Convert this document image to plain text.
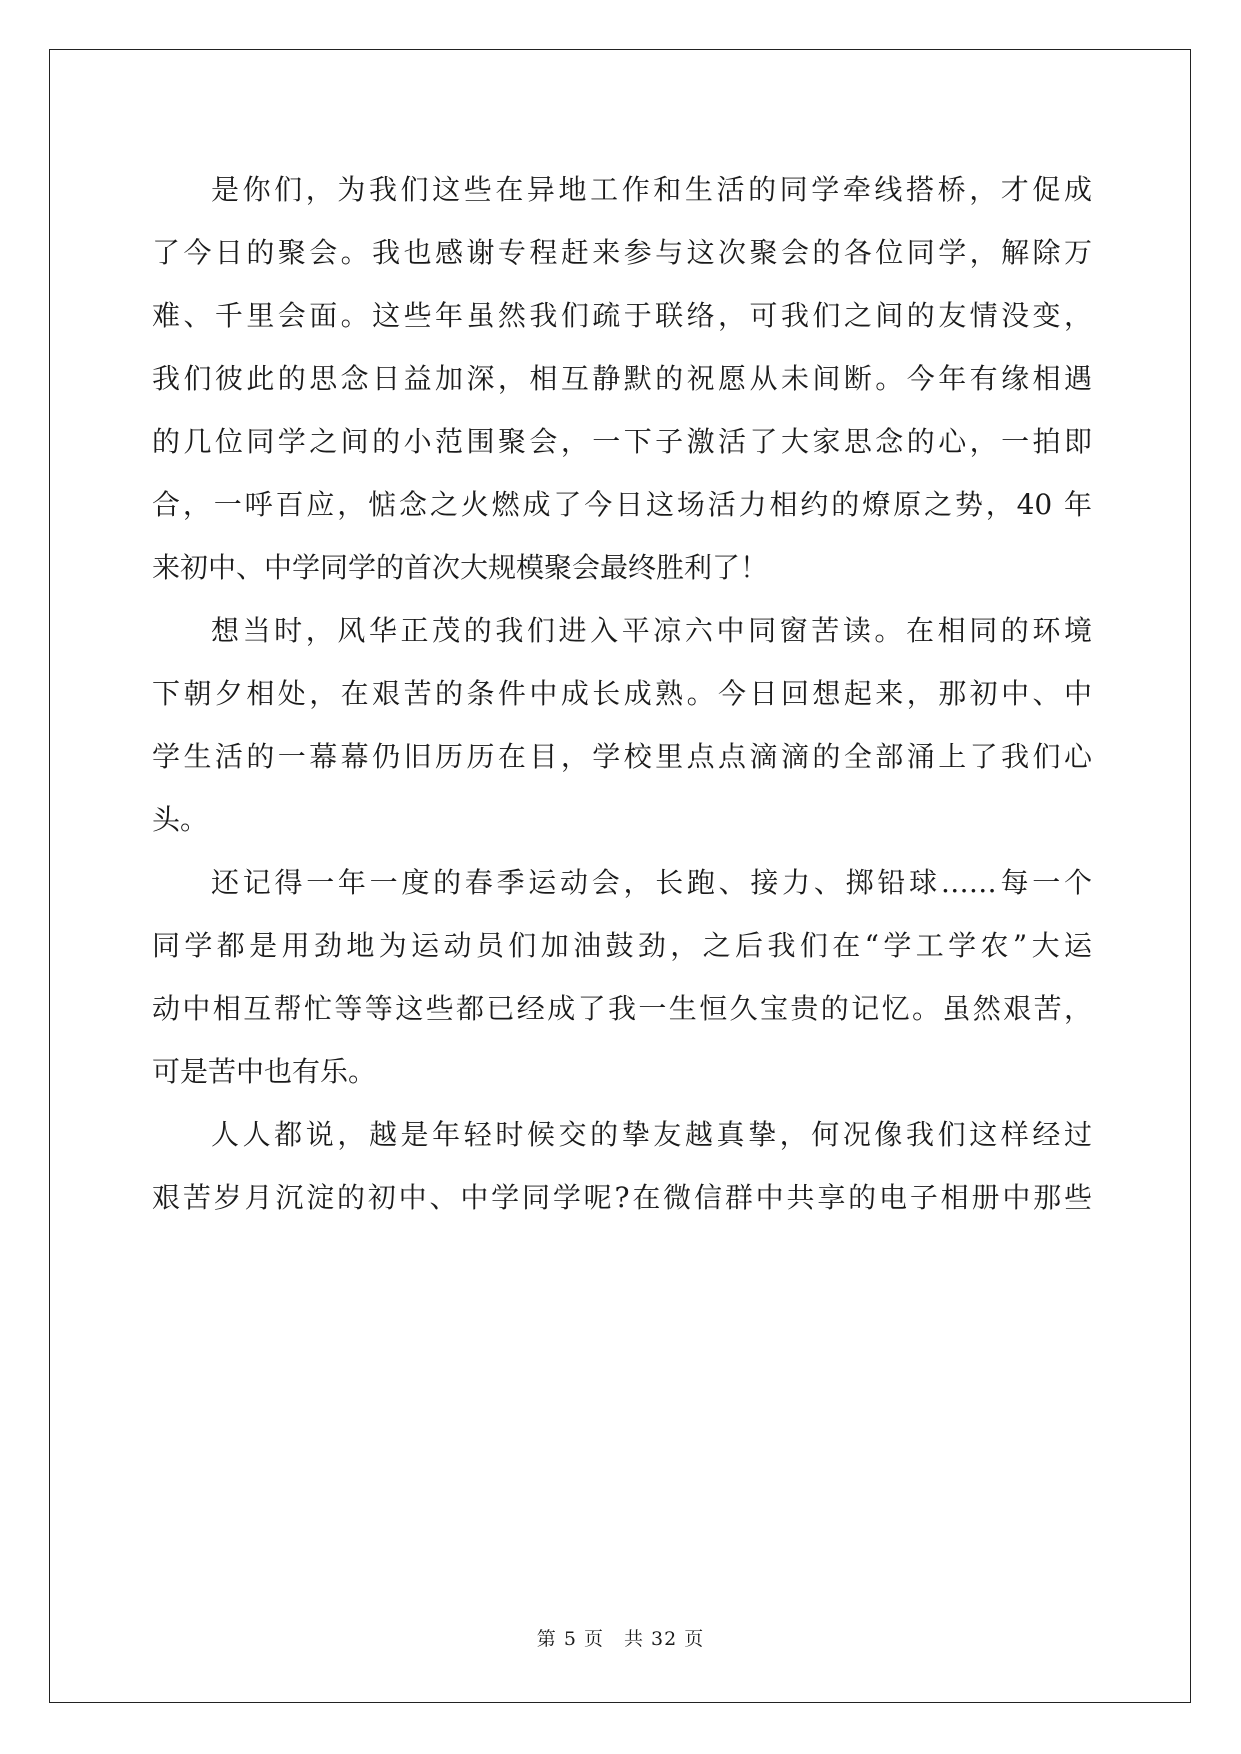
是你们，为我们这些在异地工作和生活的同学牵线搭桥，才促成
了今日的聚会。我也感谢专程赶来参与这次聚会的各位同学，解除万
难、千里会面。这些年虽然我们疏于联络，可我们之间的友情没变，
我们彼此的思念日益加深，相互静默的祝愿从未间断。今年有缘相遇
的几位同学之间的小范围聚会，一下子激活了大家思念的心，一拍即
合，一呼百应，惦念之火燃成了今日这场活力相约的燎原之势，40 年
来初中、中学同学的首次大规模聚会最终胜利了！
想当时，风华正茂的我们进入平凉六中同窗苦读。在相同的环境
下朝夕相处，在艰苦的条件中成长成熟。今日回想起来，那初中、中
学生活的一幕幕仍旧历历在目，学校里点点滴滴的全部涌上了我们心
头。
还记得一年一度的春季运动会，长跑、接力、掷铅球……每一个
同学都是用劲地为运动员们加油鼓劲，之后我们在“学工学农”大运
动中相互帮忙等等这些都已经成了我一生恒久宝贵的记忆。虽然艰苦，
可是苦中也有乐。
人人都说，越是年轻时候交的挚友越真挚，何况像我们这样经过
艰苦岁月沉淀的初中、中学同学呢?在微信群中共享的电子相册中那些
第 5 页　共 32 页
